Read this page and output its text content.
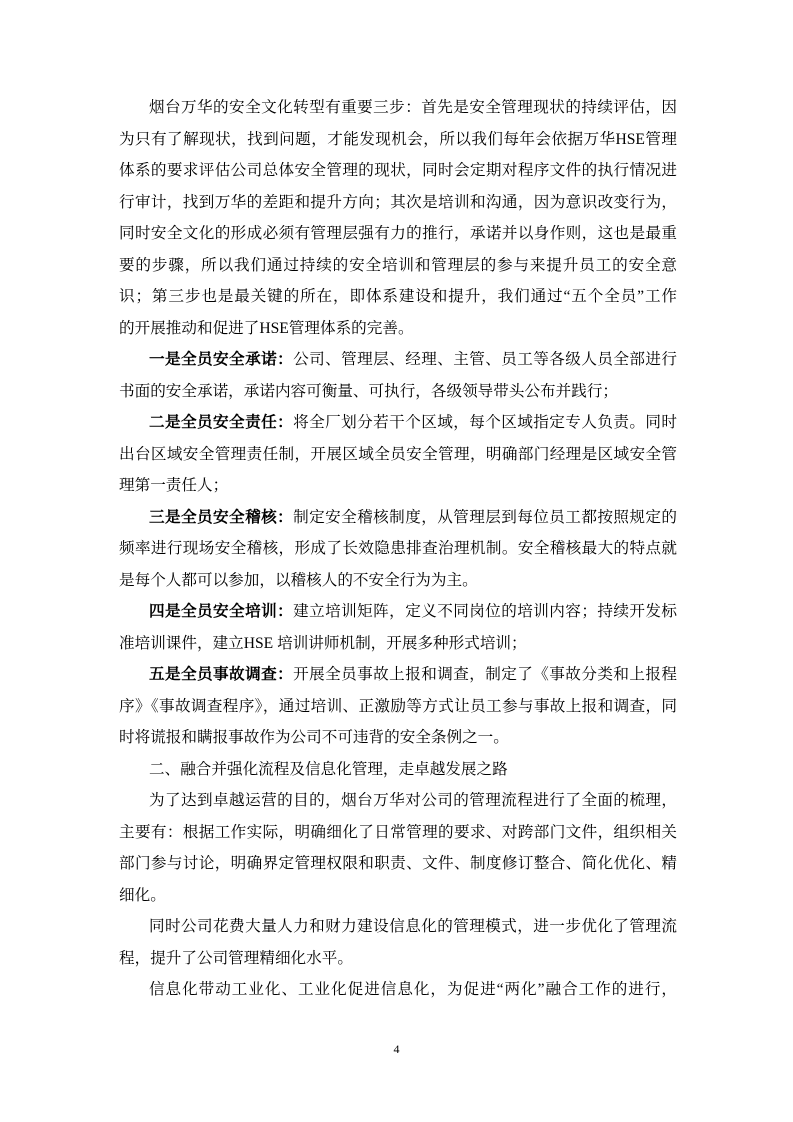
烟台万华的安全文化转型有重要三步：首先是安全管理现状的持续评估，因
为只有了解现状，找到问题，才能发现机会，所以我们每年会依据万华HSE管理
体系的要求评估公司总体安全管理的现状，同时会定期对程序文件的执行情况进
行审计，找到万华的差距和提升方向；其次是培训和沟通，因为意识改变行为，
同时安全文化的形成必须有管理层强有力的推行，承诺并以身作则，这也是最重
要的步骤，所以我们通过持续的安全培训和管理层的参与来提升员工的安全意
识；第三步也是最关键的所在，即体系建设和提升，我们通过“五个全员”工作
的开展推动和促进了HSE管理体系的完善。

一是全员安全承诺：公司、管理层、经理、主管、员工等各级人员全部进行
书面的安全承诺，承诺内容可衡量、可执行，各级领导带头公布并践行；

二是全员安全责任：将全厂划分若干个区域，每个区域指定专人负责。同时
出台区域安全管理责任制，开展区域全员安全管理，明确部门经理是区域安全管
理第一责任人；

三是全员安全稽核：制定安全稽核制度，从管理层到每位员工都按照规定的
频率进行现场安全稽核，形成了长效隐患排查治理机制。安全稽核最大的特点就
是每个人都可以参加，以稽核人的不安全行为为主。

四是全员安全培训：建立培训矩阵，定义不同岗位的培训内容；持续开发标
准培训课件，建立HSE 培训讲师机制，开展多种形式培训；

五是全员事故调查：开展全员事故上报和调查，制定了《事故分类和上报程
序》《事故调查程序》，通过培训、正激励等方式让员工参与事故上报和调查，同
时将谎报和瞒报事故作为公司不可违背的安全条例之一。

二、融合并强化流程及信息化管理，走卓越发展之路

为了达到卓越运营的目的，烟台万华对公司的管理流程进行了全面的梳理，
主要有：根据工作实际，明确细化了日常管理的要求、对跨部门文件，组织相关
部门参与讨论，明确界定管理权限和职责、文件、制度修订整合、简化优化、精
细化。

同时公司花费大量人力和财力建设信息化的管理模式，进一步优化了管理流
程，提升了公司管理精细化水平。

信息化带动工业化、工业化促进信息化，为促进“两化”融合工作的进行，

4
